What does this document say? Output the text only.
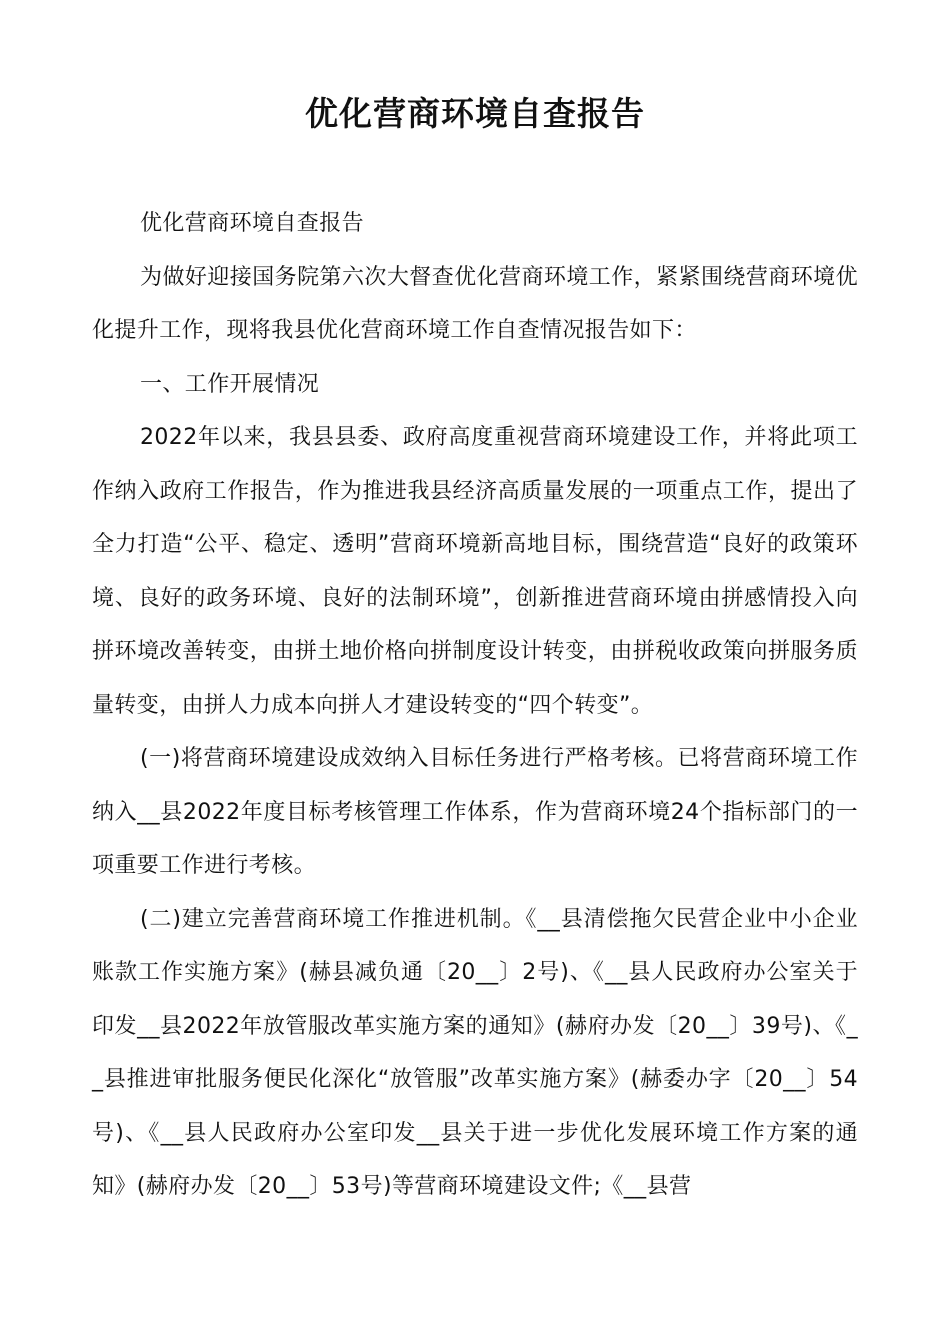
优化营商环境自查报告

优化营商环境自查报告

为做好迎接国务院第六次大督查优化营商环境工作，紧紧围绕营商环境优化提升工作，现将我县优化营商环境工作自查情况报告如下：

一、工作开展情况

2022年以来，我县县委、政府高度重视营商环境建设工作，并将此项工作纳入政府工作报告，作为推进我县经济高质量发展的一项重点工作，提出了全力打造“公平、稳定、透明”营商环境新高地目标，围绕营造“良好的政策环境、良好的政务环境、良好的法制环境”，创新推进营商环境由拼感情投入向拼环境改善转变，由拼土地价格向拼制度设计转变，由拼税收政策向拼服务质量转变，由拼人力成本向拼人才建设转变的“四个转变”。

(一)将营商环境建设成效纳入目标任务进行严格考核。已将营商环境工作纳入__县2022年度目标考核管理工作体系，作为营商环境24个指标部门的一项重要工作进行考核。

(二)建立完善营商环境工作推进机制。《__县清偿拖欠民营企业中小企业账款工作实施方案》(赫县减负通〔20__〕2号)、《__县人民政府办公室关于印发__县2022年放管服改革实施方案的通知》(赫府办发〔20__〕39号)、《__县推进审批服务便民化深化“放管服”改革实施方案》(赫委办字〔20__〕54号)、《__县人民政府办公室印发__县关于进一步优化发展环境工作方案的通知》(赫府办发〔20__〕53号)等营商环境建设文件;《__县营
